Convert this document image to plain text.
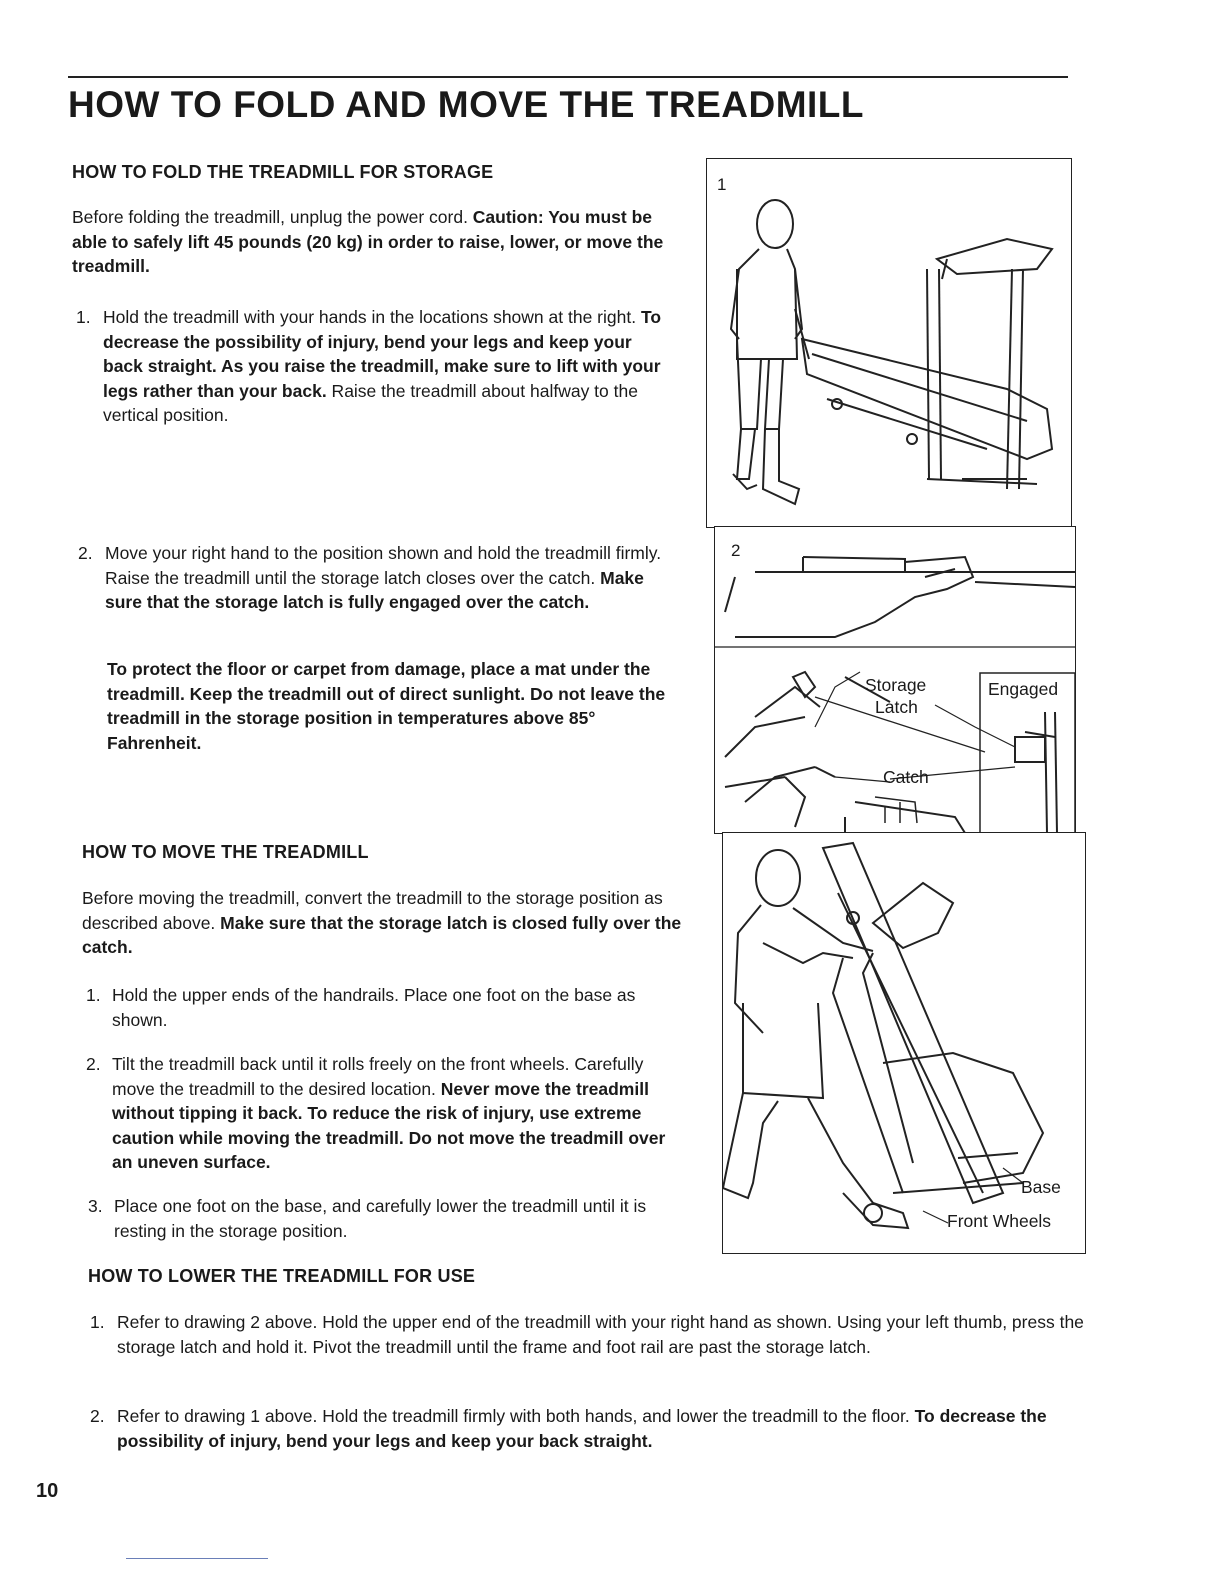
HOW TO FOLD AND MOVE THE TREADMILL
HOW TO FOLD THE TREADMILL FOR STORAGE

Before folding the treadmill, unplug the power cord. Caution: You must be able to safely lift 45 pounds (20 kg) in order to raise, lower, or move the treadmill.

1. Hold the treadmill with your hands in the locations shown at the right. To decrease the possibility of injury, bend your legs and keep your back straight. As you raise the treadmill, make sure to lift with your legs rather than your back. Raise the treadmill about halfway to the vertical position.

2. Move your right hand to the position shown and hold the treadmill firmly. Raise the treadmill until the storage latch closes over the catch. Make sure that the storage latch is fully engaged over the catch.

To protect the floor or carpet from damage, place a mat under the treadmill. Keep the treadmill out of direct sunlight. Do not leave the treadmill in the storage position in temperatures above 85° Fahrenheit.

HOW TO MOVE THE TREADMILL

Before moving the treadmill, convert the treadmill to the storage position as described above. Make sure that the storage latch is closed fully over the catch.

1. Hold the upper ends of the handrails. Place one foot on the base as shown.

2. Tilt the treadmill back until it rolls freely on the front wheels. Carefully move the treadmill to the desired location. Never move the treadmill without tipping it back. To reduce the risk of injury, use extreme caution while moving the treadmill. Do not move the treadmill over an uneven surface.

3. Place one foot on the base, and carefully lower the treadmill until it is resting in the storage position.

HOW TO LOWER THE TREADMILL FOR USE
1. Refer to drawing 2 above. Hold the upper end of the treadmill with your right hand as shown. Using your left thumb, press the storage latch and hold it. Pivot the treadmill until the frame and foot rail are past the storage latch.

2. Refer to drawing 1 above. Hold the treadmill firmly with both hands, and lower the treadmill to the floor. To decrease the possibility of injury, bend your legs and keep your back straight.

1
2
Storage
Latch
Engaged
Catch
Base
Front Wheels
10
